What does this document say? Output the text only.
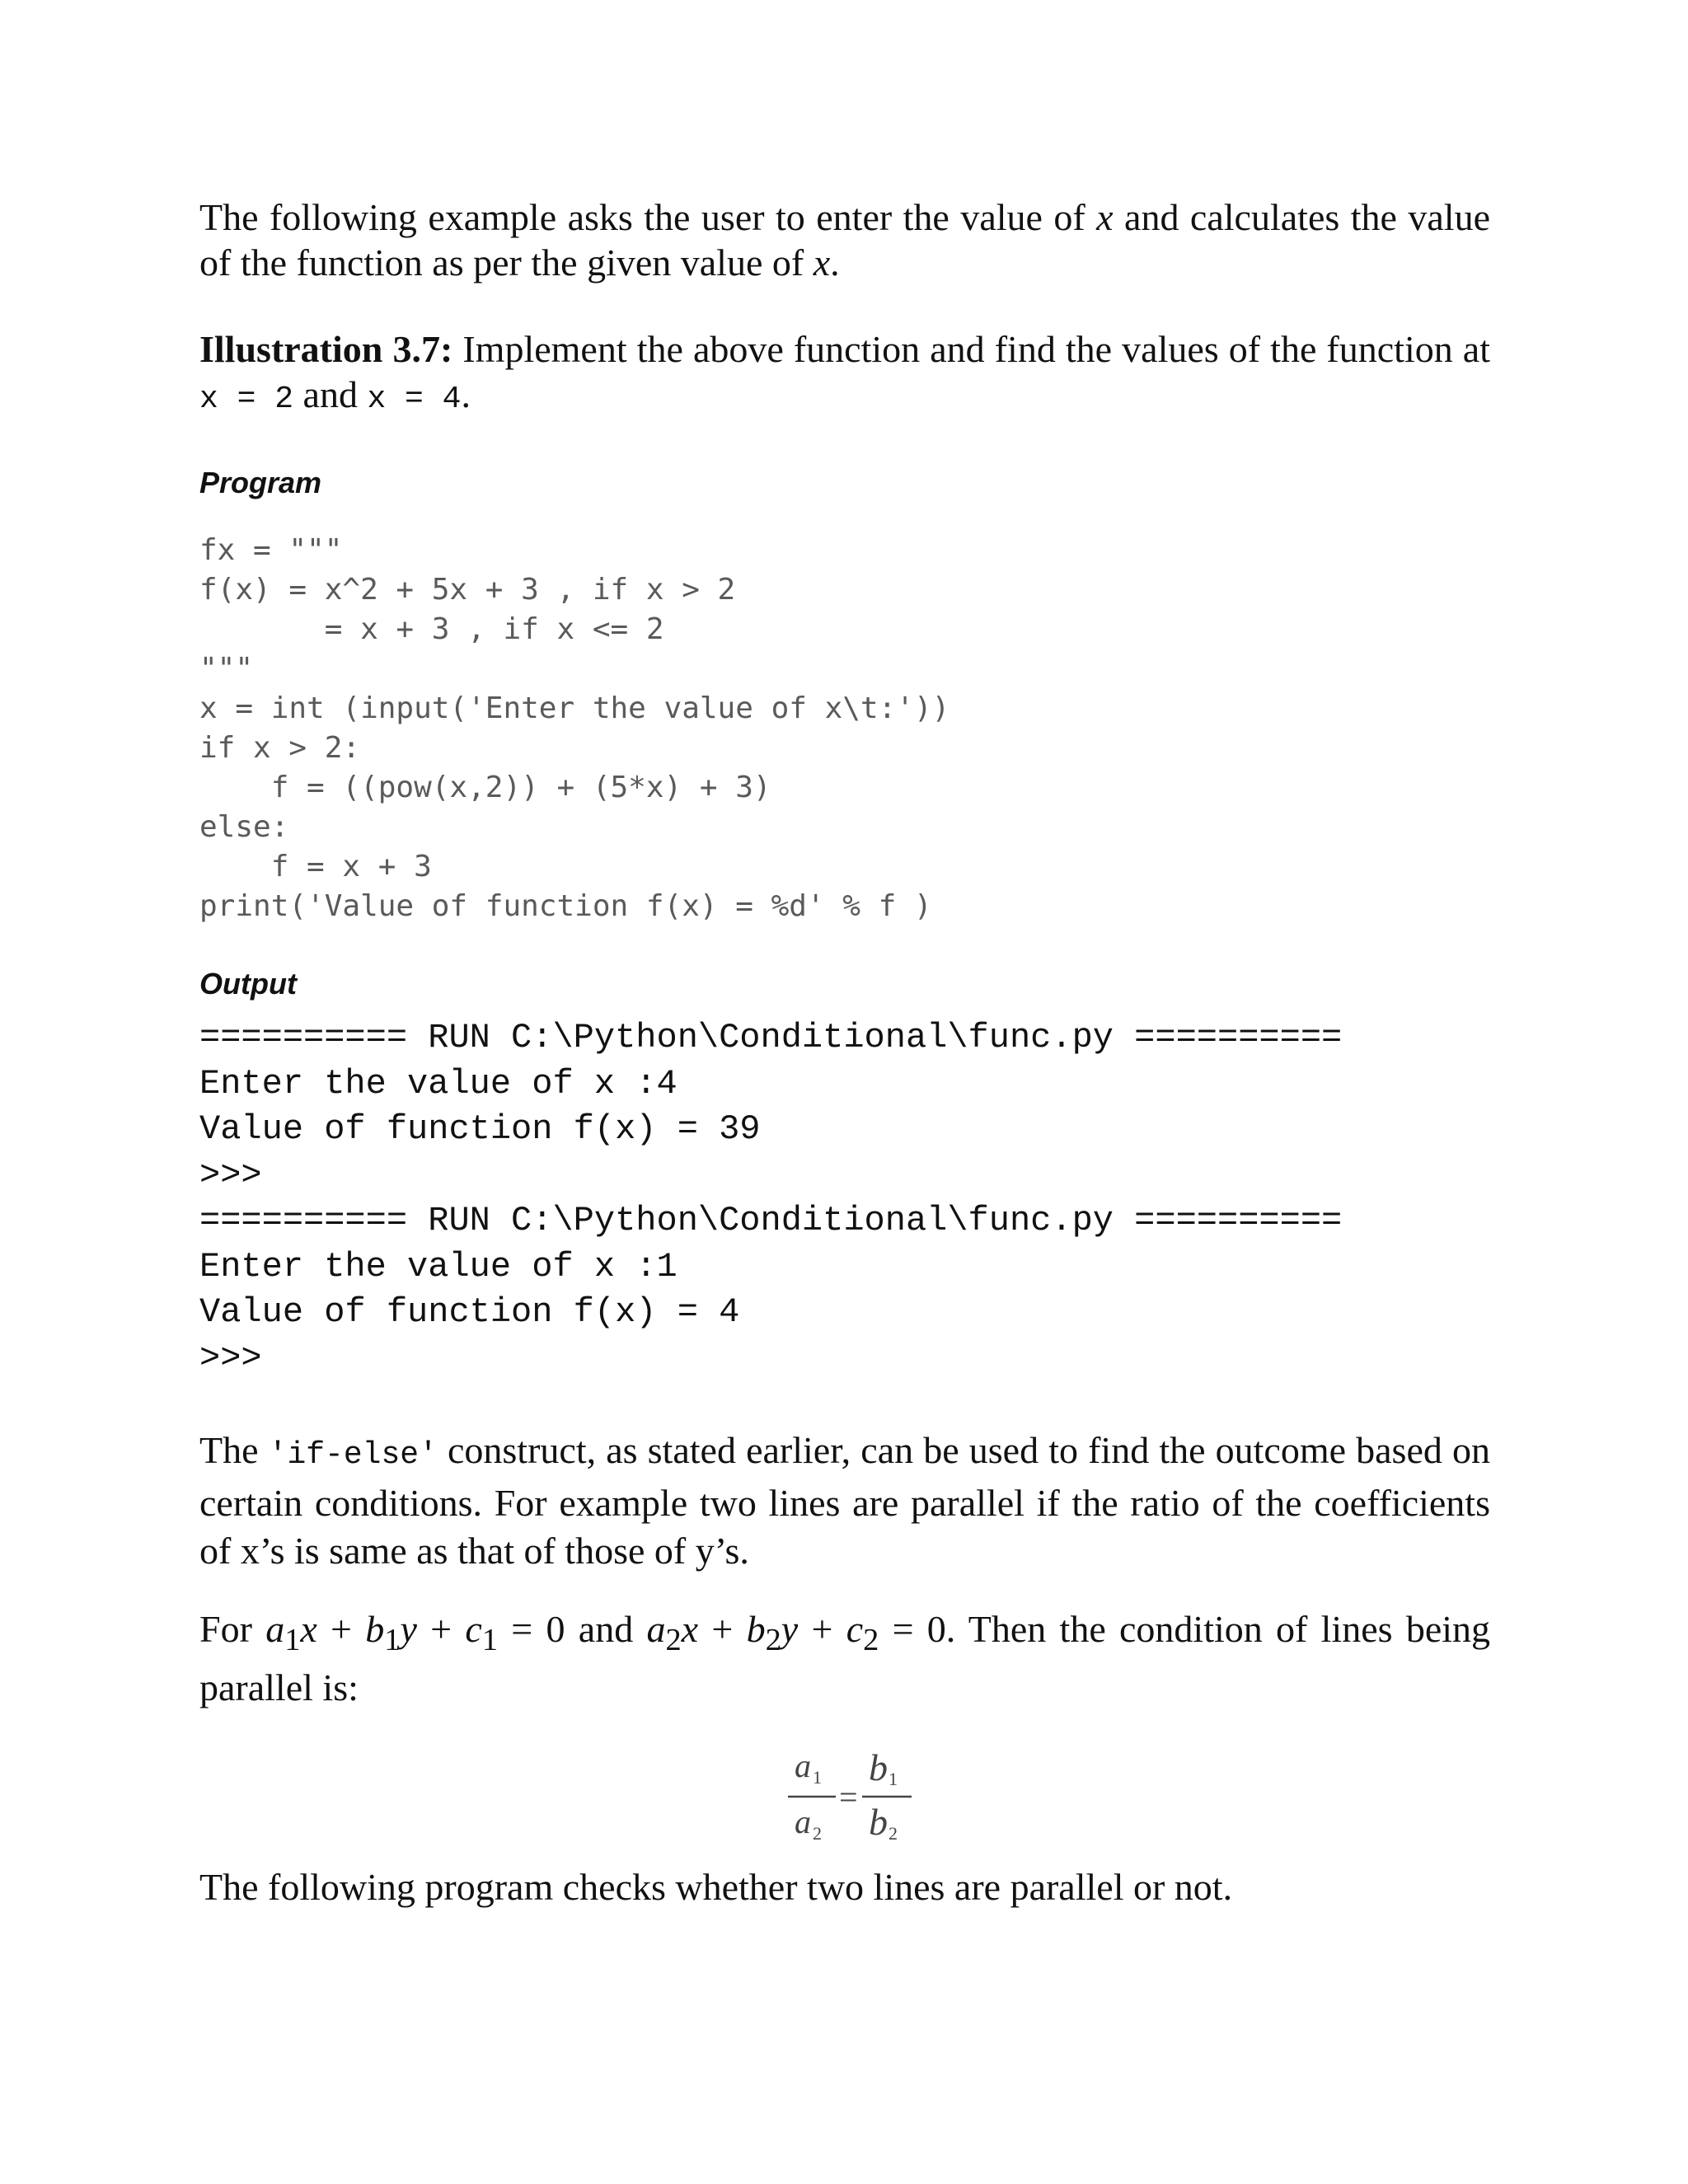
The following example asks the user to enter the value of x and calculates the value of the function as per the given value of x.

Illustration 3.7: Implement the above function and find the values of the function at x = 2 and x = 4.

Program

fx = """
f(x) = x^2 + 5x + 3 , if x > 2
= x + 3 , if x <= 2
"""
x = int (input('Enter the value of x\t:'))
if x > 2:
f = ((pow(x,2)) + (5*x) + 3)
else:
f = x + 3
print('Value of function f(x) = %d' % f )

Output

========== RUN C:\Python\Conditional\func.py ==========
Enter the value of x :4
Value of function f(x) = 39
>>>
========== RUN C:\Python\Conditional\func.py ==========
Enter the value of x :1
Value of function f(x) = 4
>>>

The 'if-else' construct, as stated earlier, can be used to find the outcome based on certain conditions. For example two lines are parallel if the ratio of the coefficients of x’s is same as that of those of y’s.

For $a_1x + b_1y + c_1 = 0$ and $a_2x + b_2y + c_2 = 0$. Then the condition of lines being parallel is:

The following program checks whether two lines are parallel or not.

a 1
a 2
b 1
b 2
=
